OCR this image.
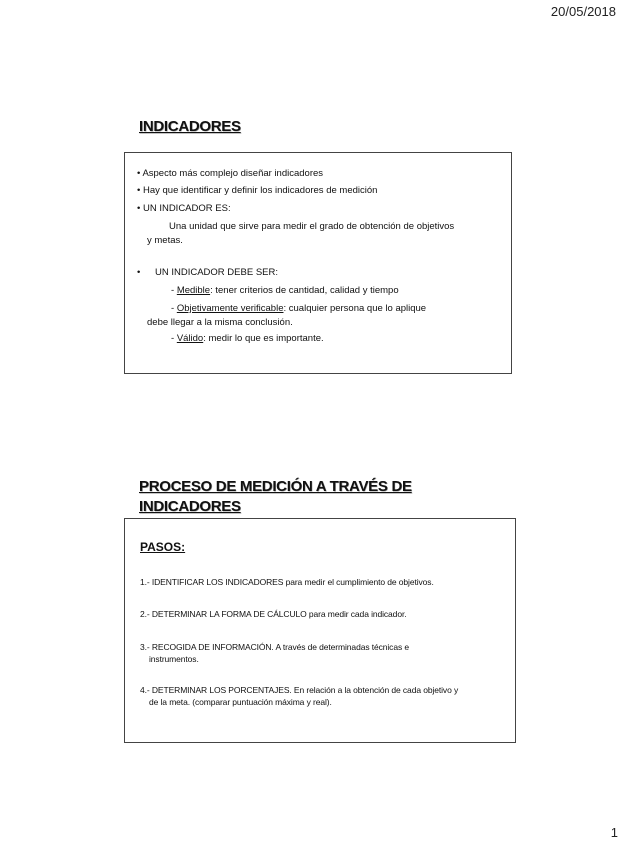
20/05/2018
INDICADORES
• Aspecto más complejo diseñar indicadores
• Hay que identificar y definir los indicadores de medición
• UN INDICADOR ES:
Una unidad que sirve para medir el grado de obtención de objetivos
y metas.
• UN INDICADOR DEBE SER:
- Medible: tener criterios de cantidad, calidad y tiempo
- Objetivamente verificable: cualquier persona que lo aplique
debe llegar a la misma conclusión.
- Válido: medir lo que es importante.
PROCESO DE MEDICIÓN A TRAVÉS DE
INDICADORES
PASOS:
1.- IDENTIFICAR LOS INDICADORES para medir el cumplimiento de objetivos.
2.- DETERMINAR LA FORMA DE CÁLCULO para medir cada indicador.
3.- RECOGIDA DE INFORMACIÓN. A través de determinadas técnicas e
instrumentos.
4.- DETERMINAR LOS PORCENTAJES. En relación a la obtención de cada objetivo y
de la meta. (comparar puntuación máxima y real).
1
